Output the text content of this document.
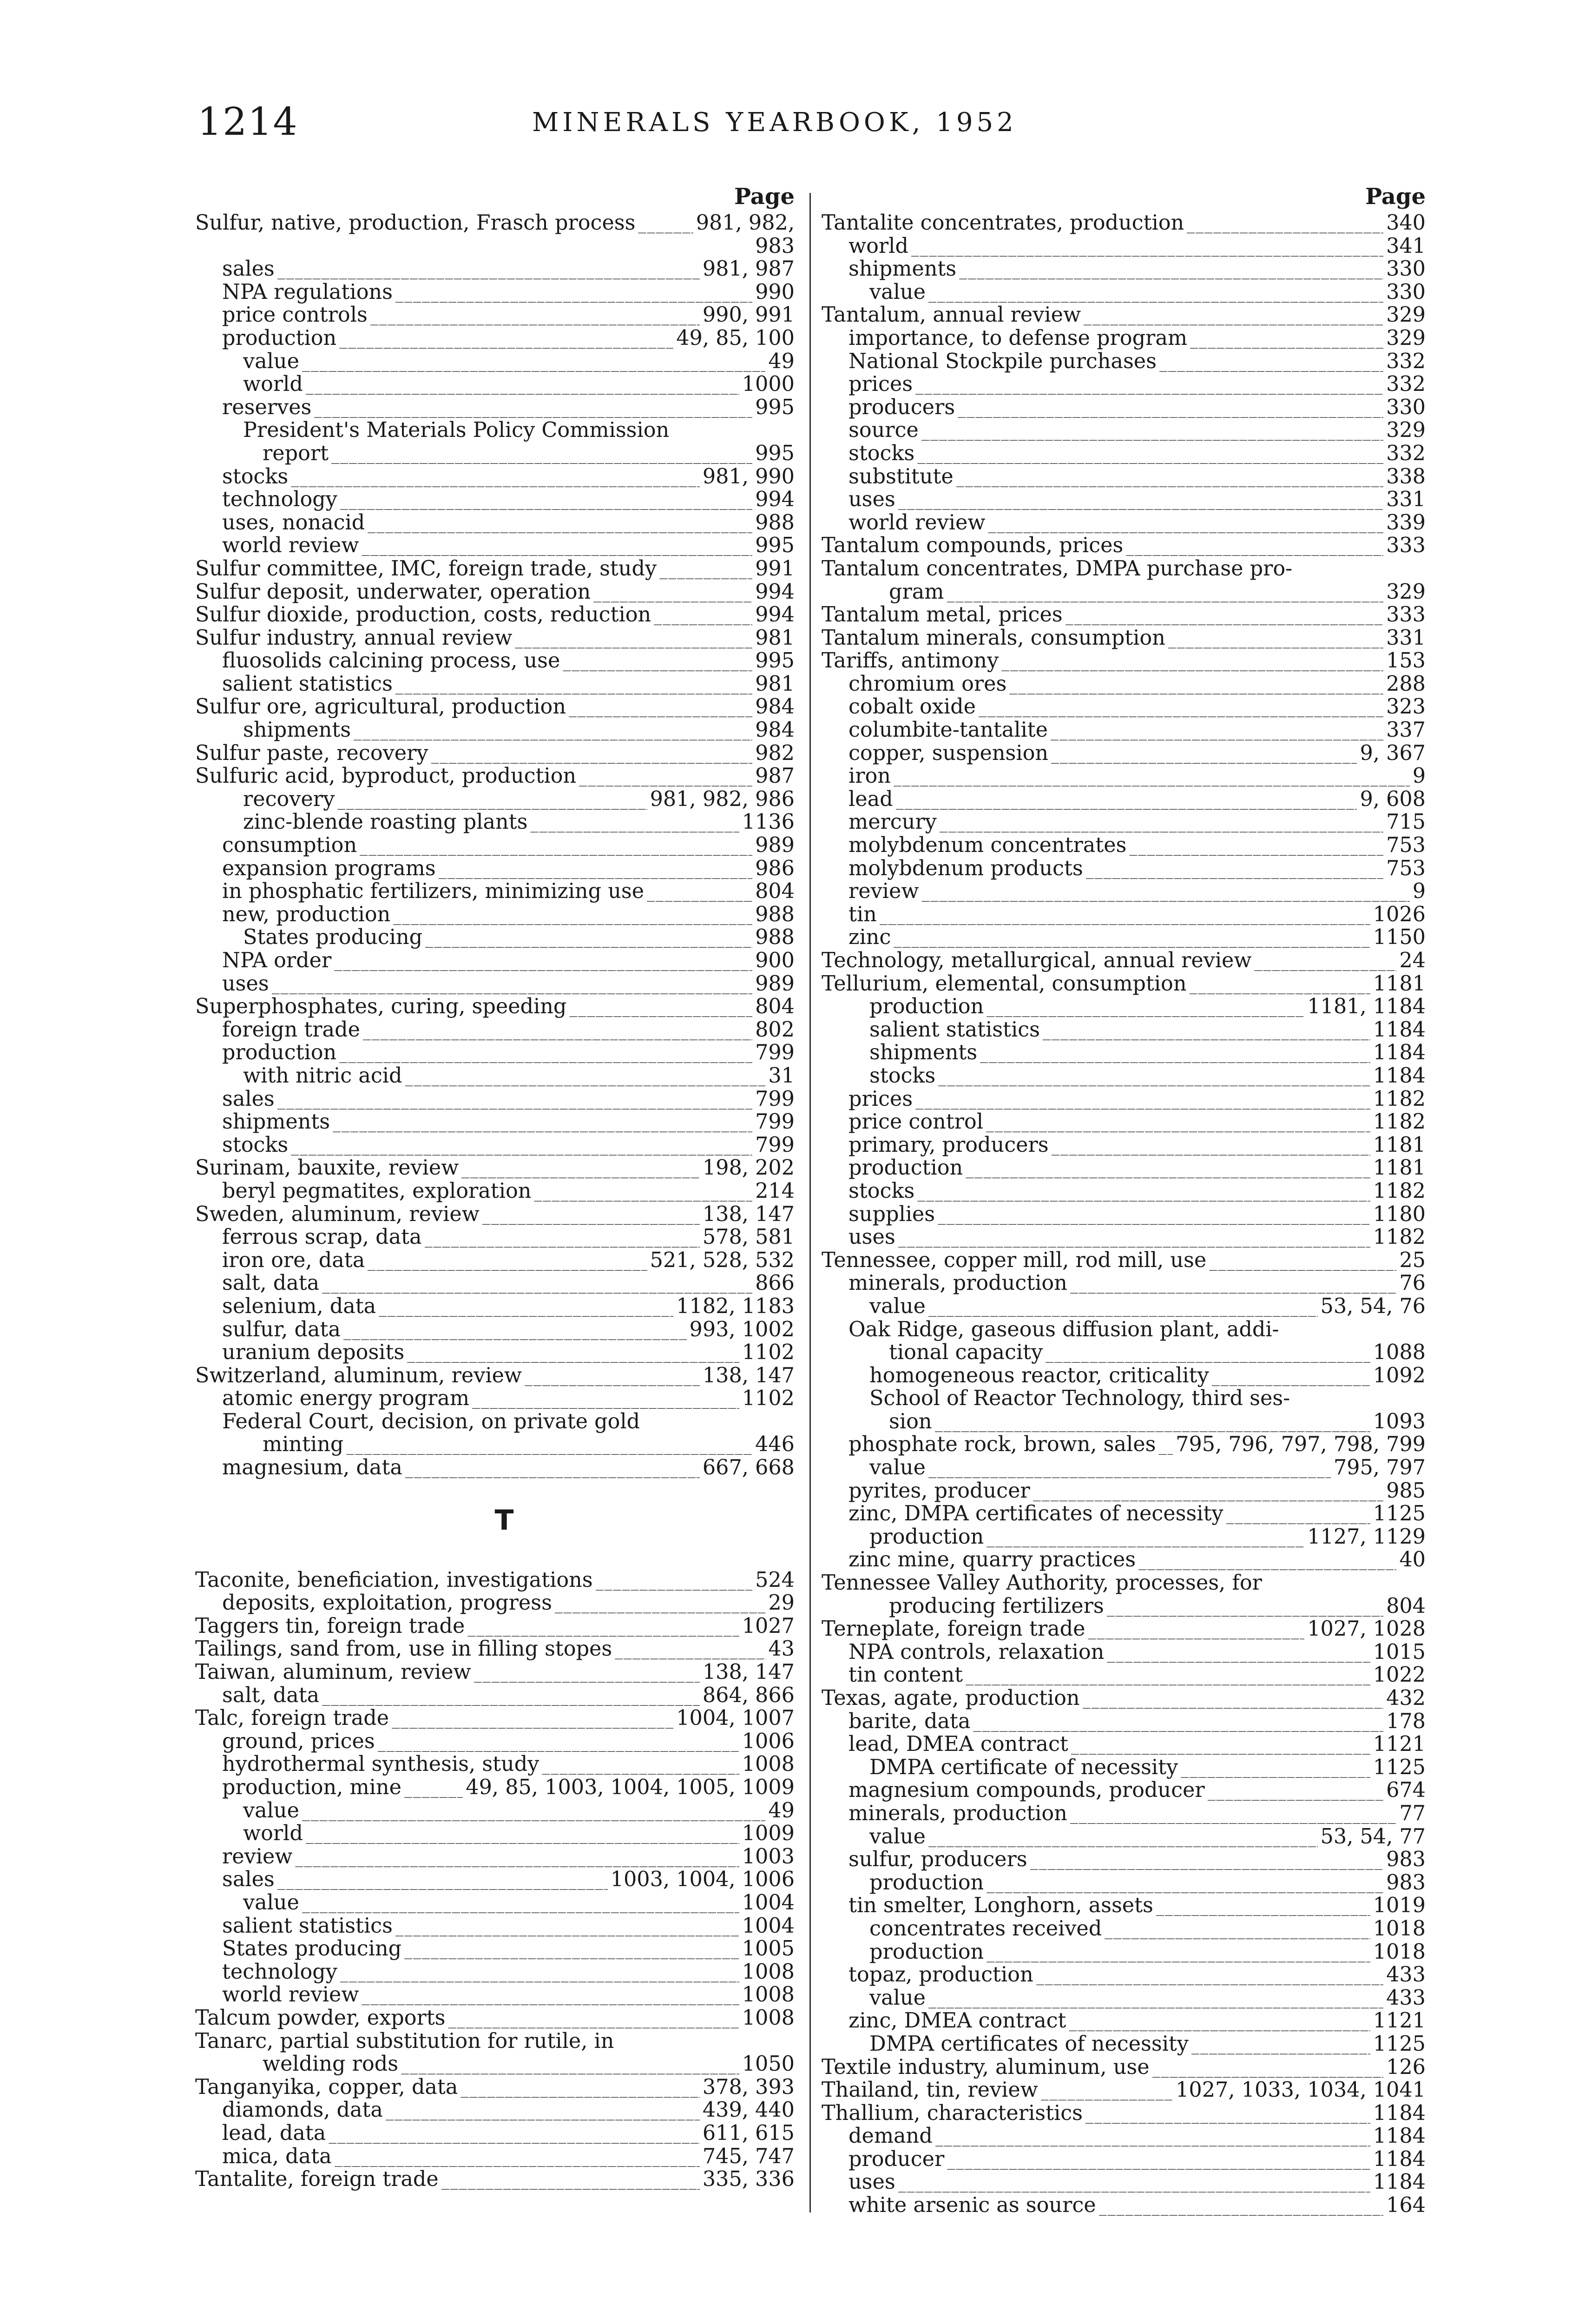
1214	MINERALS YEARBOOK, 1952
Page
Sulfur, native, production, Frasch process _____	981, 982,
983
sales _____	981, 987
NPA regulations _____	990
price controls _____	990, 991
production _____	49, 85, 100
value _____	49
world _____	1000
reserves _____	995
President's Materials Policy Commission
report _____	995
stocks _____	981, 990
technology _____	994
uses, nonacid _____	988
world review _____	995
Sulfur committee, IMC, foreign trade, study _____	991
Sulfur deposit, underwater, operation _____	994
Sulfur dioxide, production, costs, reduction _____	994
Sulfur industry, annual review _____	981
fluosolids calcining process, use _____	995
salient statistics _____	981
Sulfur ore, agricultural, production _____	984
shipments _____	984
Sulfur paste, recovery _____	982
Sulfuric acid, byproduct, production _____	987
recovery _____	981, 982, 986
zinc-blende roasting plants _____	1136
consumption _____	989
expansion programs _____	986
in phosphatic fertilizers, minimizing use _____	804
new, production _____	988
States producing _____	988
NPA order _____	900
uses _____	989
Superphosphates, curing, speeding _____	804
foreign trade _____	802
production _____	799
with nitric acid _____	31
sales _____	799
shipments _____	799
stocks _____	799
Surinam, bauxite, review _____	198, 202
beryl pegmatites, exploration _____	214
Sweden, aluminum, review _____	138, 147
ferrous scrap, data _____	578, 581
iron ore, data _____	521, 528, 532
salt, data _____	866
selenium, data _____	1182, 1183
sulfur, data _____	993, 1002
uranium deposits _____	1102
Switzerland, aluminum, review _____	138, 147
atomic energy program _____	1102
Federal Court, decision, on private gold
minting _____	446
magnesium, data _____	667, 668
T
Taconite, beneficiation, investigations _____	524
deposits, exploitation, progress _____	29
Taggers tin, foreign trade _____	1027
Tailings, sand from, use in filling stopes _____	43
Taiwan, aluminum, review _____	138, 147
salt, data _____	864, 866
Talc, foreign trade _____	1004, 1007
ground, prices _____	1006
hydrothermal synthesis, study _____	1008
production, mine _____	49, 85, 1003, 1004, 1005, 1009
value _____	49
world _____	1009
review _____	1003
sales _____	1003, 1004, 1006
value _____	1004
salient statistics _____	1004
States producing _____	1005
technology _____	1008
world review _____	1008
Talcum powder, exports _____	1008
Tanarc, partial substitution for rutile, in
welding rods _____	1050
Tanganyika, copper, data _____	378, 393
diamonds, data _____	439, 440
lead, data _____	611, 615
mica, data _____	745, 747
Tantalite, foreign trade _____	335, 336
Page
Tantalite concentrates, production _____	340
world _____	341
shipments _____	330
value _____	330
Tantalum, annual review _____	329
importance, to defense program _____	329
National Stockpile purchases _____	332
prices _____	332
producers _____	330
source _____	329
stocks _____	332
substitute _____	338
uses _____	331
world review _____	339
Tantalum compounds, prices _____	333
Tantalum concentrates, DMPA purchase pro-
gram _____	329
Tantalum metal, prices _____	333
Tantalum minerals, consumption _____	331
Tariffs, antimony _____	153
chromium ores _____	288
cobalt oxide _____	323
columbite-tantalite _____	337
copper, suspension _____	9, 367
iron _____	9
lead _____	9, 608
mercury _____	715
molybdenum concentrates _____	753
molybdenum products _____	753
review _____	9
tin _____	1026
zinc _____	1150
Technology, metallurgical, annual review _____	24
Tellurium, elemental, consumption _____	1181
production _____	1181, 1184
salient statistics _____	1184
shipments _____	1184
stocks _____	1184
prices _____	1182
price control _____	1182
primary, producers _____	1181
production _____	1181
stocks _____	1182
supplies _____	1180
uses _____	1182
Tennessee, copper mill, rod mill, use _____	25
minerals, production _____	76
value _____	53, 54, 76
Oak Ridge, gaseous diffusion plant, addi-
tional capacity _____	1088
homogeneous reactor, criticality _____	1092
School of Reactor Technology, third ses-
sion _____	1093
phosphate rock, brown, sales _____ 795, 796, 797, 798, 799
value _____	795, 797
pyrites, producer _____	985
zinc, DMPA certificates of necessity _____	1125
production _____	1127, 1129
zinc mine, quarry practices _____	40
Tennessee Valley Authority, processes, for
producing fertilizers _____	804
Terneplate, foreign trade _____	1027, 1028
NPA controls, relaxation _____	1015
tin content _____	1022
Texas, agate, production _____	432
barite, data _____	178
lead, DMEA contract _____	1121
DMPA certificate of necessity _____	1125
magnesium compounds, producer _____	674
minerals, production _____	77
value _____	53, 54, 77
sulfur, producers _____	983
production _____	983
tin smelter, Longhorn, assets _____	1019
concentrates received _____	1018
production _____	1018
topaz, production _____	433
value _____	433
zinc, DMEA contract _____	1121
DMPA certificates of necessity _____	1125
Textile industry, aluminum, use _____	126
Thailand, tin, review _____	1027, 1033, 1034, 1041
Thallium, characteristics _____	1184
demand _____	1184
producer _____	1184
uses _____	1184
white arsenic as source _____	164
